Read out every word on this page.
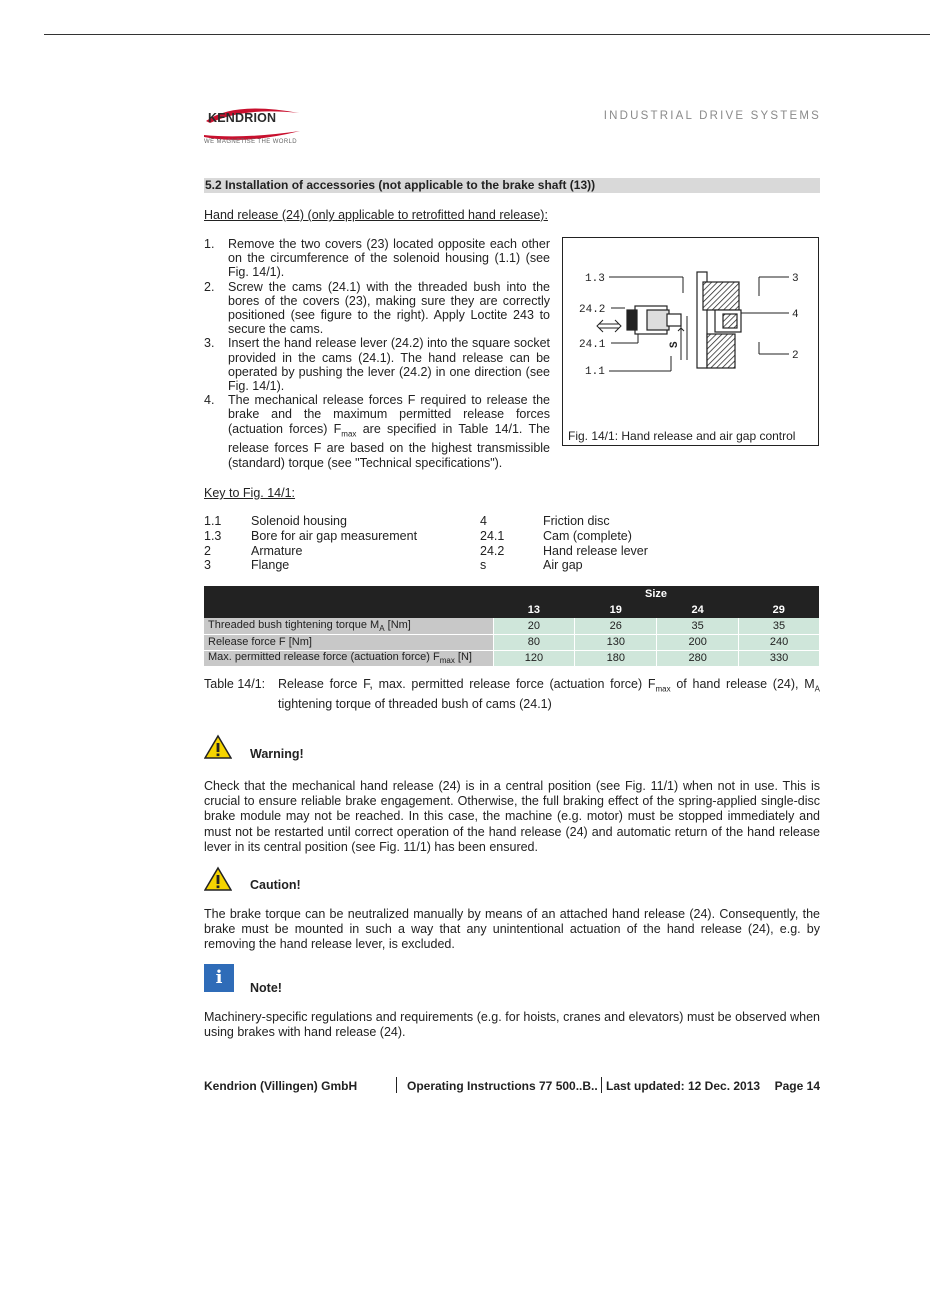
KENDRION
WE MAGNETISE THE WORLD
INDUSTRIAL DRIVE SYSTEMS
5.2 Installation of accessories (not applicable to the brake shaft (13))
Hand release (24) (only applicable to retrofitted hand release):
1. Remove the two covers (23) located opposite each other on the circumference of the solenoid housing (1.1) (see Fig. 14/1).
2. Screw the cams (24.1) with the threaded bush into the bores of the covers (23), making sure they are correctly positioned (see figure to the right). Apply Loctite 243 to secure the cams.
3. Insert the hand release lever (24.2) into the square socket provided in the cams (24.1). The hand release can be operated by pushing the lever (24.2) in one direction (see Fig. 14/1).
4. The mechanical release forces F required to release the brake and the maximum permitted release forces (actuation forces) $F_{max}$ are specified in Table 14/1. The release forces F are based on the highest transmissible (standard) torque (see "Technical specifications").
1.3
24.2
24.1
1.1
3
4
2
S
Fig. 14/1: Hand release and air gap control
Key to Fig. 14/1:
1.1	Solenoid housing	4	Friction disc
1.3	Bore for air gap measurement	24.1	Cam (complete)
2	Armature	24.2	Hand release lever
3	Flange	s	Air gap
	Size			
	13	19	24	29
Threaded bush tightening torque $M_A$ [Nm]	20	26	35	35
Release force F [Nm]	80	130	200	240
Max. permitted release force (actuation force) $F_{max}$ [N]	120	180	280	330
Table 14/1: Release force F, max. permitted release force (actuation force) $F_{max}$ of hand release (24), $M_A$ tightening torque of threaded bush of cams (24.1)
Warning!
Check that the mechanical hand release (24) is in a central position (see Fig. 11/1) when not in use. This is crucial to ensure reliable brake engagement. Otherwise, the full braking effect of the spring-applied single-disc brake module may not be reached. In this case, the machine (e.g. motor) must be stopped immediately and must not be restarted until correct operation of the hand release (24) and automatic return of the hand release lever in its central position (see Fig. 11/1) has been ensured.
Caution!
The brake torque can be neutralized manually by means of an attached hand release (24). Consequently, the brake must be mounted in such a way that any unintentional actuation of the hand release (24), e.g. by removing the hand release lever, is excluded.
i	Note!
Machinery-specific regulations and requirements (e.g. for hoists, cranes and elevators) must be observed when using brakes with hand release (24).
Kendrion (Villingen) GmbH	Operating Instructions 77 500..B.. Last updated: 12 Dec. 2013 Page 14
